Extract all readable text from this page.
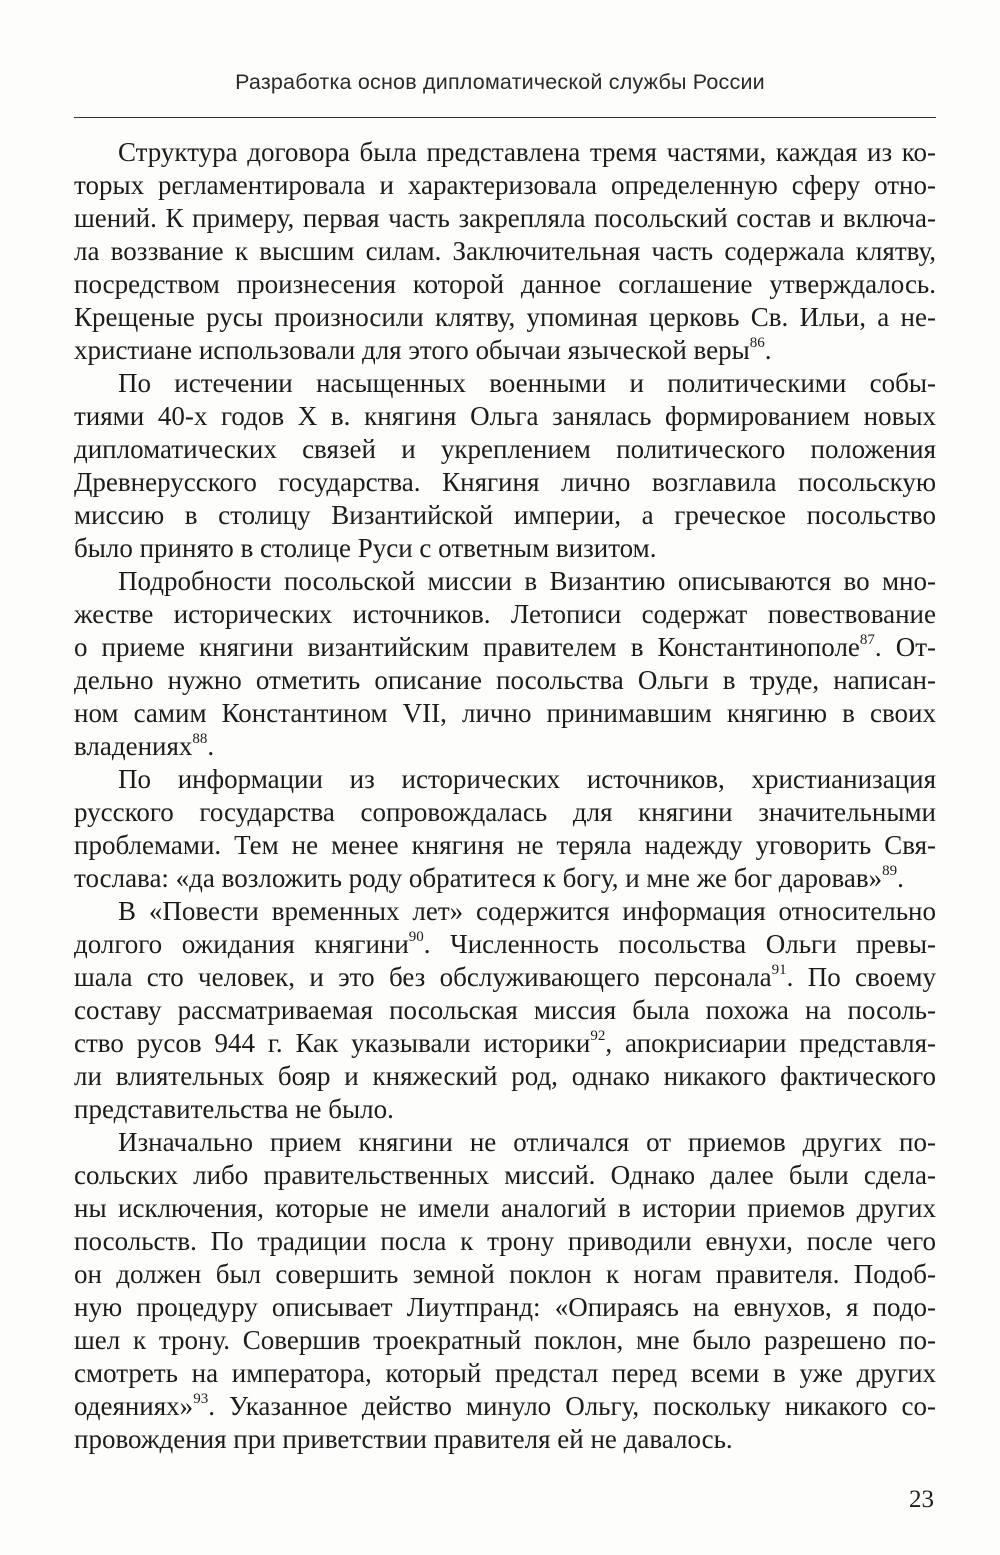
Разработка основ дипломатической службы России
Структура договора была представлена тремя частями, каждая из ко-
торых регламентировала и характеризовала определенную сферу отно-
шений. К примеру, первая часть закрепляла посольский состав и включа-
ла воззвание к высшим силам. Заключительная часть содержала клятву,
посредством произнесения которой данное соглашение утверждалось.
Крещеные русы произносили клятву, упоминая церковь Св. Ильи, а не-
христиане использовали для этого обычаи языческой веры$^{86}$.
По истечении насыщенных военными и политическими собы-
тиями 40-х годов X в. княгиня Ольга занялась формированием новых
дипломатических связей и укреплением политического положения
Древнерусского государства. Княгиня лично возглавила посольскую
миссию в столицу Византийской империи, а греческое посольство
было принято в столице Руси с ответным визитом.
Подробности посольской миссии в Византию описываются во мно-
жестве исторических источников. Летописи содержат повествование
о приеме княгини византийским правителем в Константинополе$^{87}$. От-
дельно нужно отметить описание посольства Ольги в труде, написан-
ном самим Константином VII, лично принимавшим княгиню в своих
владениях$^{88}$.
По информации из исторических источников, христианизация
русского государства сопровождалась для княгини значительными
проблемами. Тем не менее княгиня не теряла надежду уговорить Свя-
тослава: «да возложить роду обратитеся к богу, и мне же бог даровав»$^{89}$.
В «Повести временных лет» содержится информация относительно
долгого ожидания княгини$^{90}$. Численность посольства Ольги превы-
шала сто человек, и это без обслуживающего персонала$^{91}$. По своему
составу рассматриваемая посольская миссия была похожа на посоль-
ство русов 944 г. Как указывали историки$^{92}$, апокрисиарии представля-
ли влиятельных бояр и княжеский род, однако никакого фактического
представительства не было.
Изначально прием княгини не отличался от приемов других по-
сольских либо правительственных миссий. Однако далее были сдела-
ны исключения, которые не имели аналогий в истории приемов других
посольств. По традиции посла к трону приводили евнухи, после чего
он должен был совершить земной поклон к ногам правителя. Подоб-
ную процедуру описывает Лиутпранд: «Опираясь на евнухов, я подо-
шел к трону. Совершив троекратный поклон, мне было разрешено по-
смотреть на императора, который предстал перед всеми в уже других
одеяниях»$^{93}$. Указанное действо минуло Ольгу, поскольку никакого со-
провождения при приветствии правителя ей не давалось.
23
